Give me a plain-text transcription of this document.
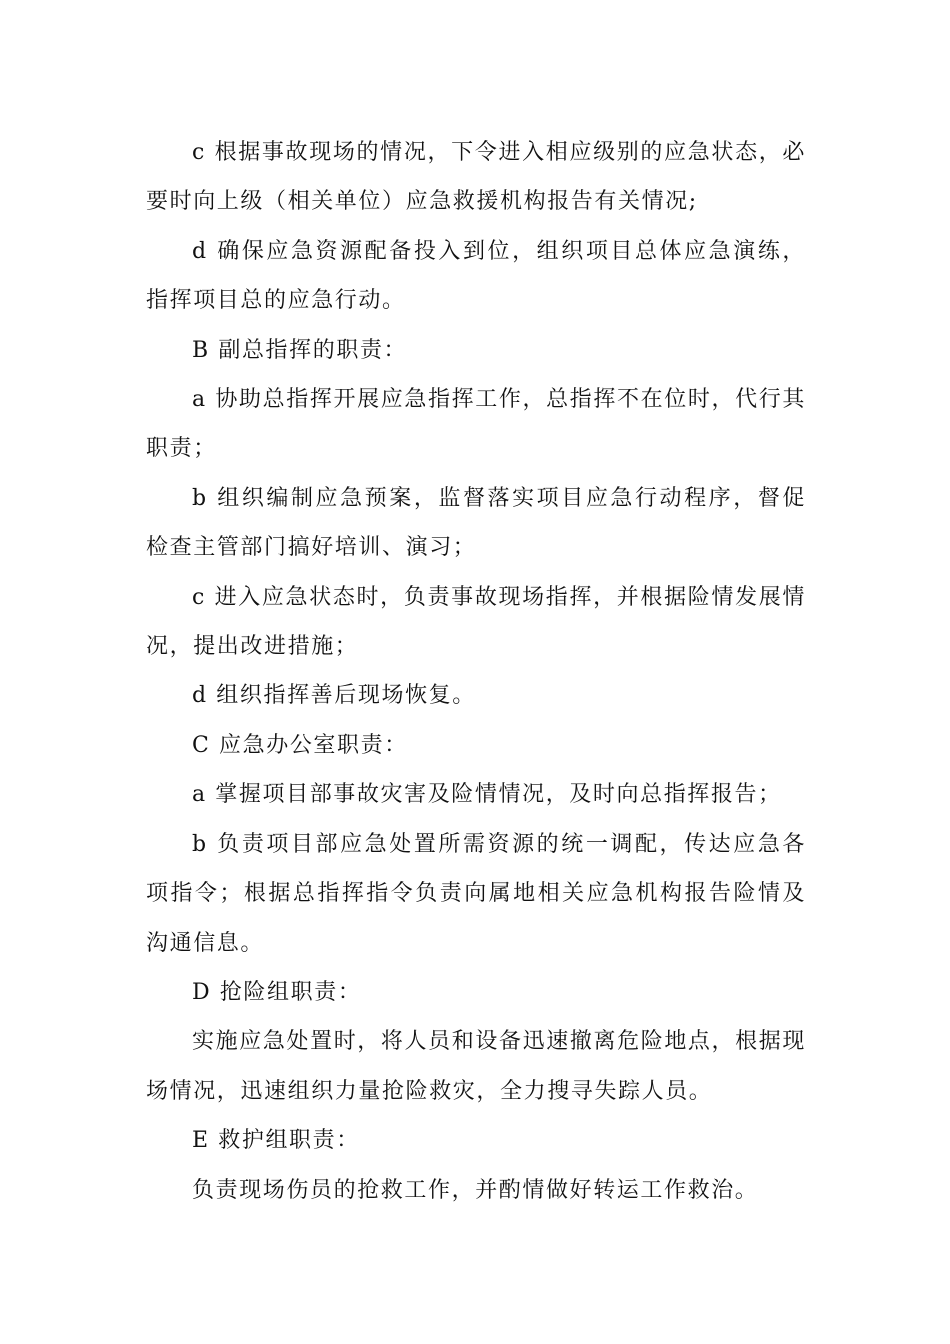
c 根据事故现场的情况，下令进入相应级别的应急状态，必要时向上级（相关单位）应急救援机构报告有关情况;

d 确保应急资源配备投入到位，组织项目总体应急演练，指挥项目总的应急行动。

B 副总指挥的职责：

a 协助总指挥开展应急指挥工作，总指挥不在位时，代行其职责；

b 组织编制应急预案，监督落实项目应急行动程序，督促检查主管部门搞好培训、演习；

c 进入应急状态时，负责事故现场指挥，并根据险情发展情况，提出改进措施；

d 组织指挥善后现场恢复。

C 应急办公室职责：

a 掌握项目部事故灾害及险情情况，及时向总指挥报告；

b 负责项目部应急处置所需资源的统一调配，传达应急各项指令；根据总指挥指令负责向属地相关应急机构报告险情及沟通信息。

D 抢险组职责：

实施应急处置时，将人员和设备迅速撤离危险地点，根据现场情况，迅速组织力量抢险救灾，全力搜寻失踪人员。

E 救护组职责：

负责现场伤员的抢救工作，并酌情做好转运工作救治。
